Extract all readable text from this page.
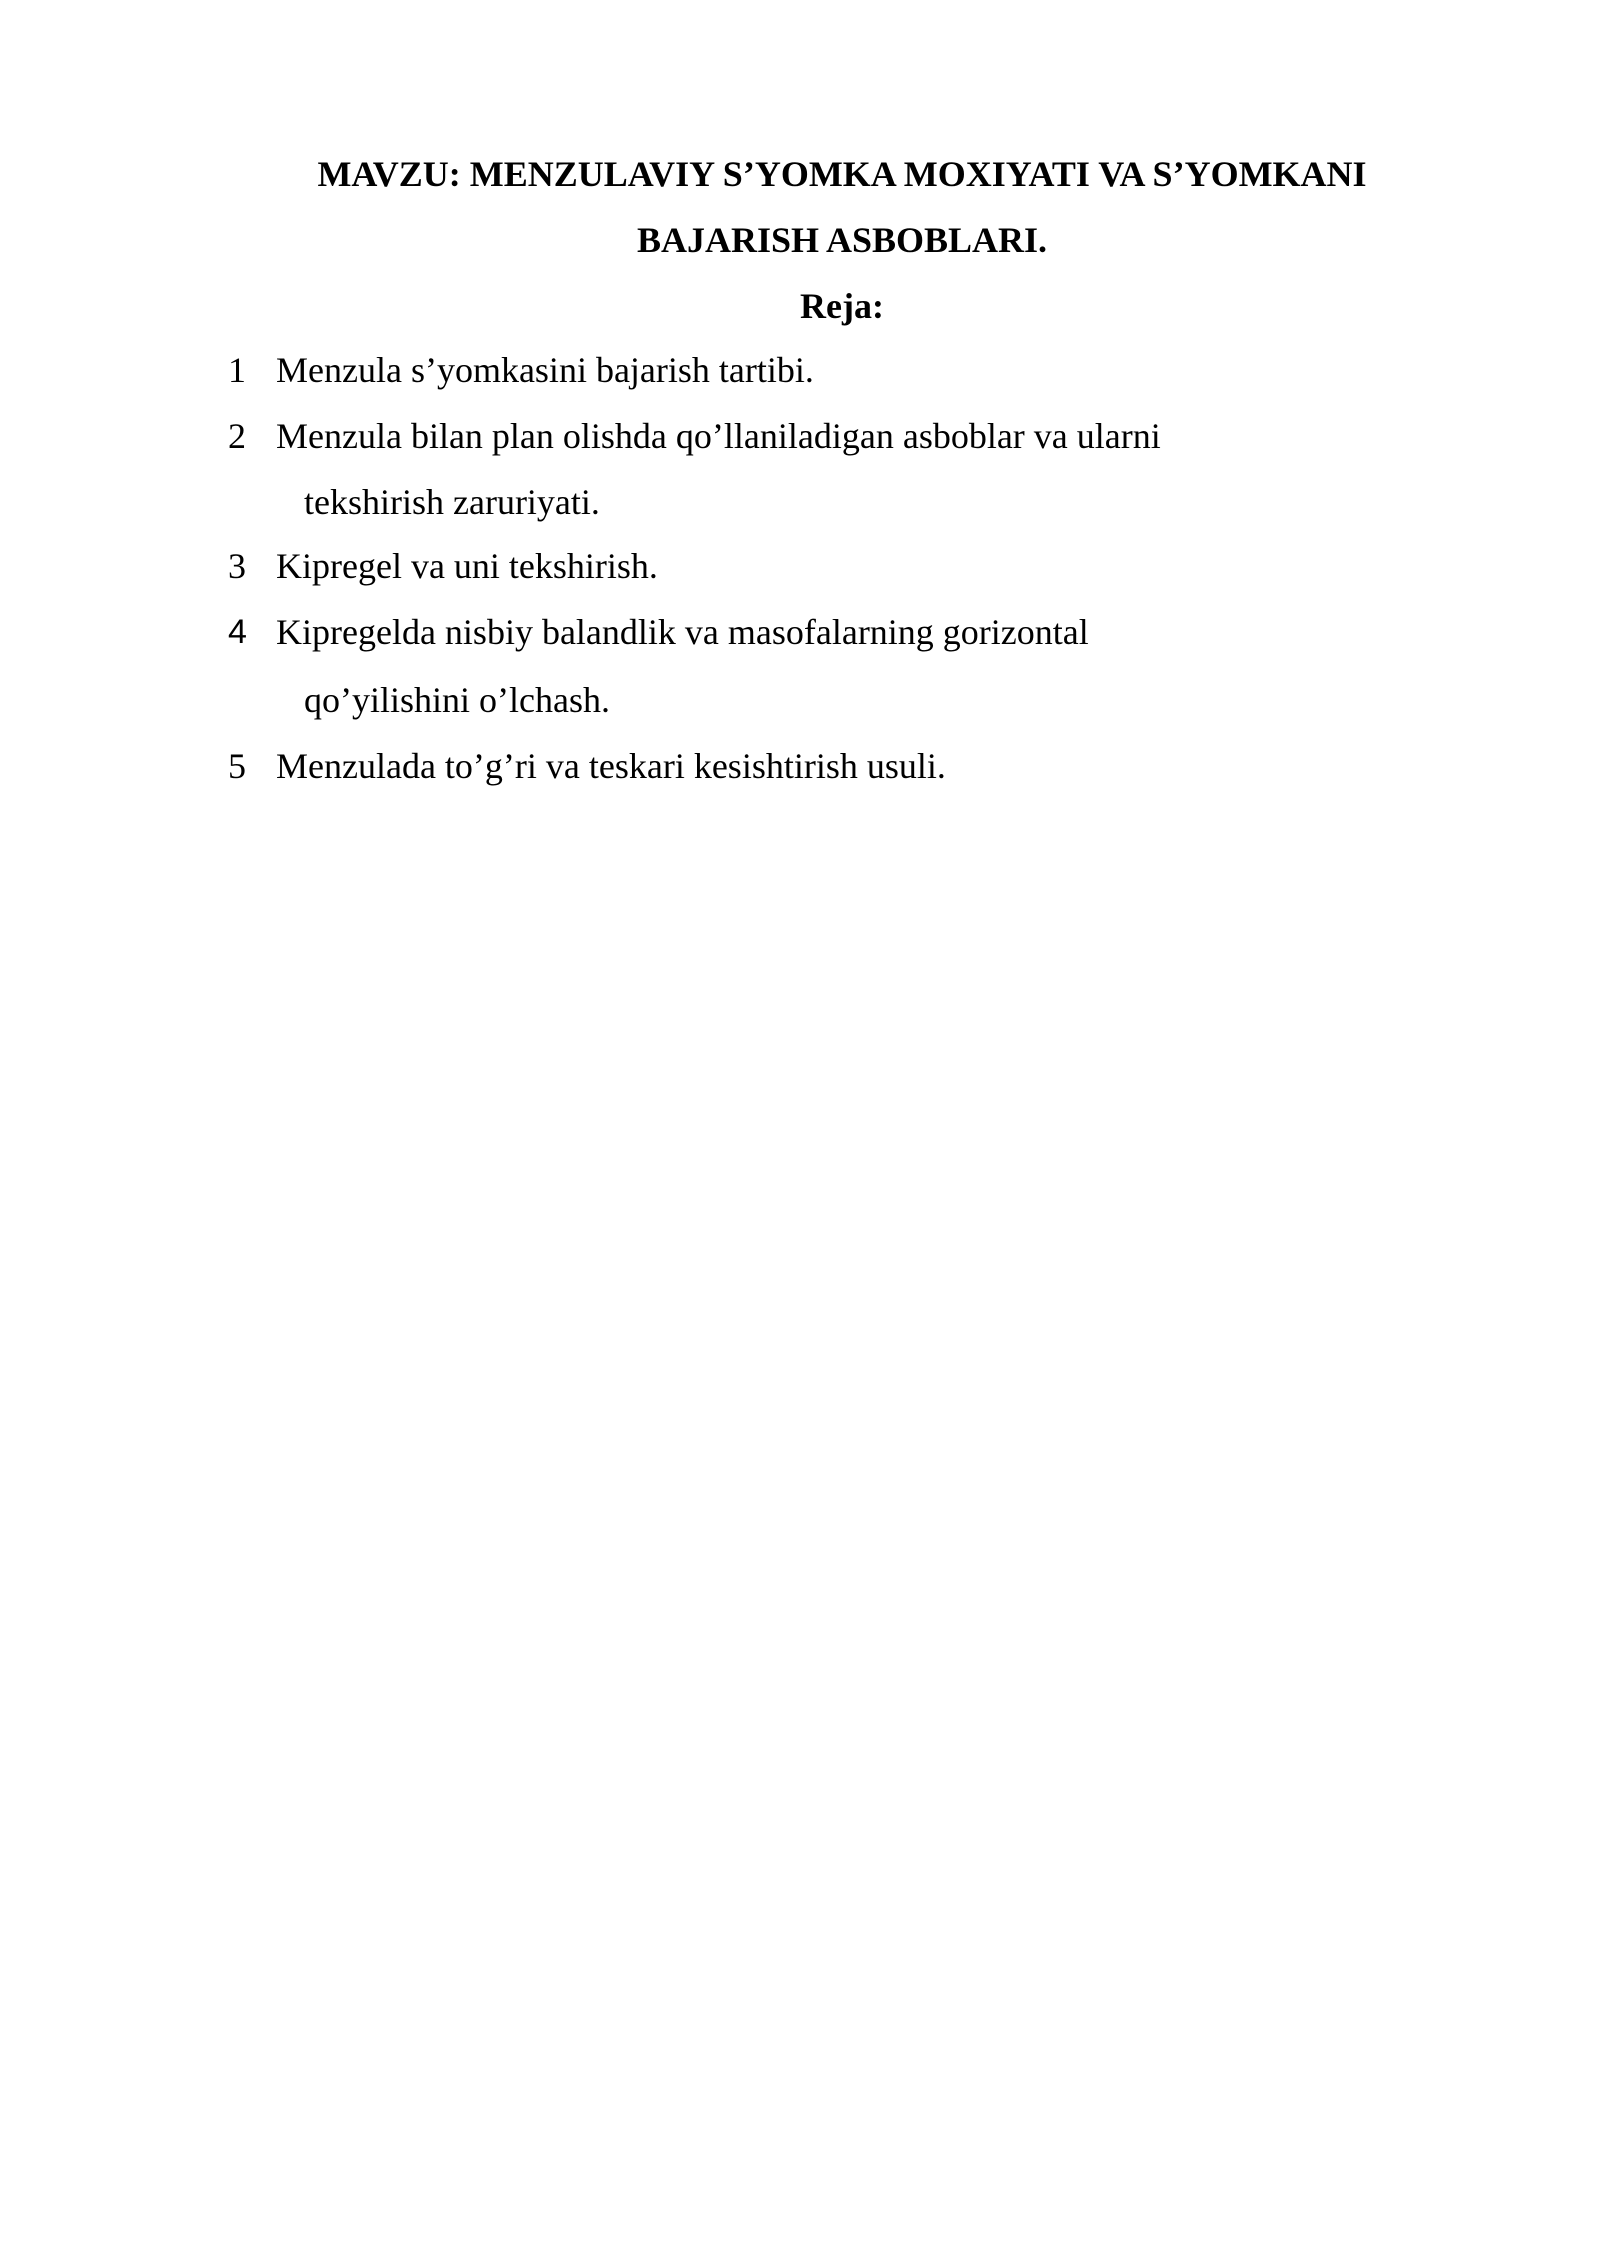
MAVZU: MENZULAVIY S’YOMKA MOXIYATI VA S’YOMKANI
BAJARISH ASBOBLARI.
Reja:
1 Menzula s’yomkasini bajarish tartibi.
2 Menzula bilan plan olishda qo’llaniladigan asboblar va ularni
tekshirish zaruriyati.
3 Kipregel va uni tekshirish.
4 Kipregelda nisbiy balandlik va masofalarning gorizontal
qo’yilishini o’lchash.
5 Menzulada to’g’ri va teskari kesishtirish usuli.
